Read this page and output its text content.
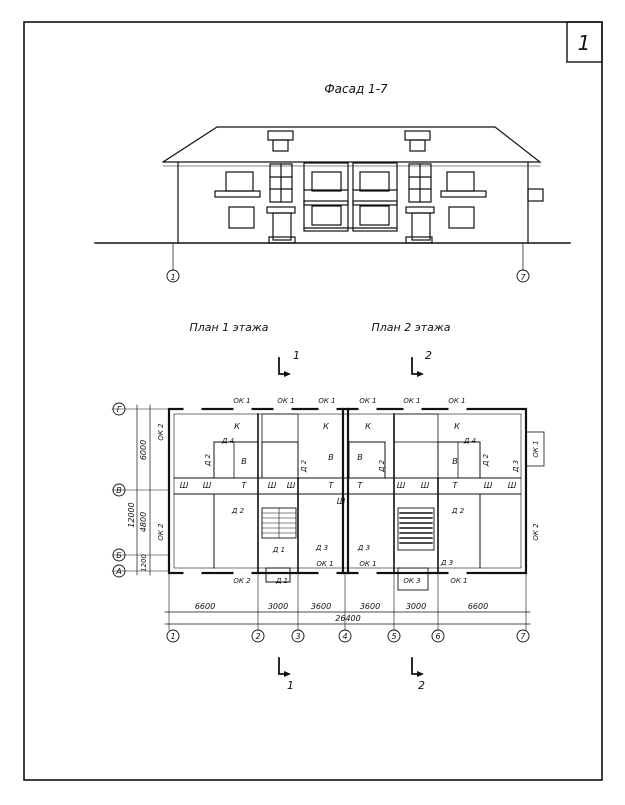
1
Фасад 1-7
1	7
План 1 этажа	План 2 этажа
1	2
1	2
Г
В
Б
А
1	2	3	4	5	6	7
6600	3000	3600	3600	3000	6600
26400
6000
4800
1200
12000
ОК 1	ОК 1	ОК 1	ОК 1	ОК 1	ОК 1
ОК 2
ОК 1	ОК 1
ОК 3	ОК 1
ОК 2
ОК 2
ОК 1
ОК 2
Д 4	Д 4
Д 2	Д 2
Д 1
Д 1
Д 3	Д 3
Д 3
Д 3
Д 2	Д 2	Д 2	Д 2
К	К	К	К
В	В	В	В
Т	Т	Т	Т
Ш Ш	Ш Ш
Ш
Ш Ш	Ш Ш
